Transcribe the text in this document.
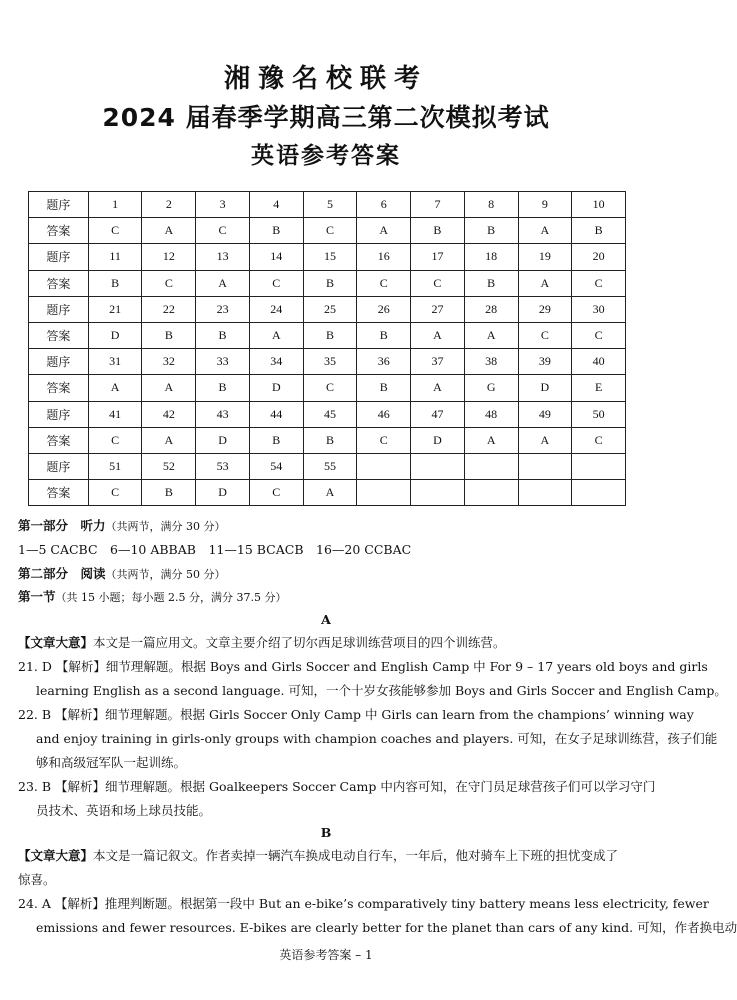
湘豫名校联考
2024 届春季学期高三第二次模拟考试
英语参考答案
题序	1	2	3	4	5	6	7	8	9	10
答案	C	A	C	B	C	A	B	B	A	B
题序	11	12	13	14	15	16	17	18	19	20
答案	B	C	A	C	B	C	C	B	A	C
题序	21	22	23	24	25	26	27	28	29	30
答案	D	B	B	A	B	B	A	A	C	C
题序	31	32	33	34	35	36	37	38	39	40
答案	A	A	B	D	C	B	A	G	D	E
题序	41	42	43	44	45	46	47	48	49	50
答案	C	A	D	B	B	C	D	A	A	C
题序	51	52	53	54	55					
答案	C	B	D	C	A					
第一部分　听力（共两节，满分 30 分）
1—5 CACBC　6—10 ABBAB　11—15 BCACB　16—20 CCBAC
第二部分　阅读（共两节，满分 50 分）
第一节（共 15 小题；每小题 2.5 分，满分 37.5 分）
A
【文章大意】本文是一篇应用文。文章主要介绍了切尔西足球训练营项目的四个训练营。
21. D 【解析】细节理解题。根据 Boys and Girls Soccer and English Camp 中 For 9 – 17 years old boys and girls
learning English as a second language. 可知，一个十岁女孩能够参加 Boys and Girls Soccer and English Camp。
22. B 【解析】细节理解题。根据 Girls Soccer Only Camp 中 Girls can learn from the champions’ winning way
and enjoy training in girls-only groups with champion coaches and players. 可知，在女子足球训练营，孩子们能
够和高级冠军队一起训练。
23. B 【解析】细节理解题。根据 Goalkeepers Soccer Camp 中内容可知，在守门员足球营孩子们可以学习守门
员技术、英语和场上球员技能。
B
【文章大意】本文是一篇记叙文。作者卖掉一辆汽车换成电动自行车，一年后，他对骑车上下班的担忧变成了
惊喜。
24. A 【解析】推理判断题。根据第一段中 But an e-bike’s comparatively tiny battery means less electricity, fewer
emissions and fewer resources. E-bikes are clearly better for the planet than cars of any kind. 可知，作者换电动
英语参考答案 – 1
